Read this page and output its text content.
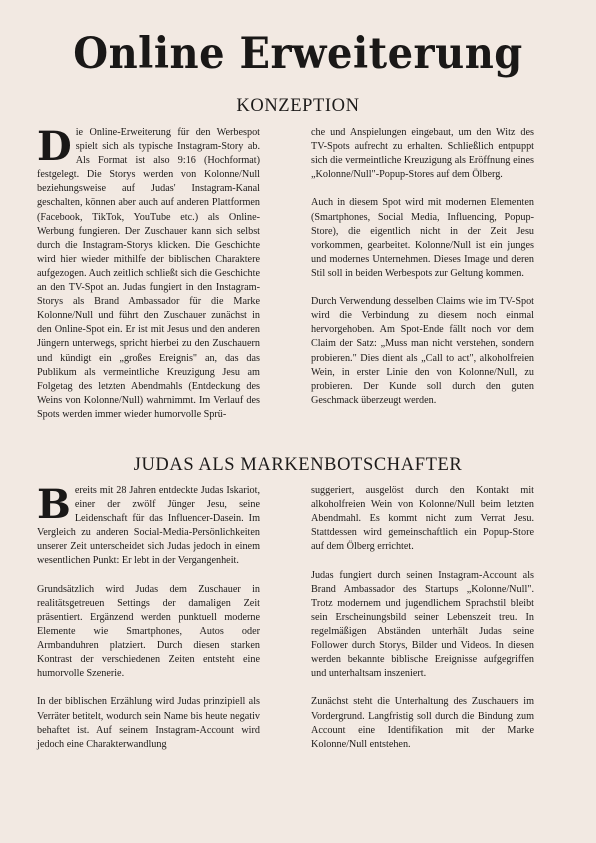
Online Erweiterung
KONZEPTION

Die Online-Erweiterung für den Werbespot spielt sich als typische Instagram-Story ab. Als Format ist also 9:16 (Hochformat) festgelegt. Die Storys werden von Kolonne/Null beziehungsweise auf Judas' Instagram-Kanal geschalten, können aber auch auf anderen Plattformen (Facebook, TikTok, YouTube etc.) als Online-Werbung fungieren. Der Zuschauer kann sich selbst durch die Instagram-Storys klicken. Die Geschichte wird hier wieder mithilfe der biblischen Charaktere aufgezogen. Auch zeitlich schließt sich die Geschichte an den TV-Spot an. Judas fungiert in den Instagram-Storys als Brand Ambassador für die Marke Kolonne/Null und führt den Zuschauer zunächst in den Online-Spot ein. Er ist mit Jesus und den anderen Jüngern unterwegs, spricht hierbei zu den Zuschauern und kündigt ein „großes Ereignis" an, das das Publikum als vermeintliche Kreuzigung Jesu am Folgetag des letzten Abendmahls (Entdeckung des Weins von Kolonne/Null) wahrnimmt. Im Verlauf des Spots werden immer wieder humorvolle Sprü-

che und Anspielungen eingebaut, um den Witz des TV-Spots aufrecht zu erhalten. Schließlich entpuppt sich die vermeintliche Kreuzigung als Eröffnung eines „Kolonne/Null"-Popup-Stores auf dem Ölberg.

Auch in diesem Spot wird mit modernen Elementen (Smartphones, Social Media, Influencing, Popup-Store), die eigentlich nicht in der Zeit Jesu vorkommen, gearbeitet. Kolonne/Null ist ein junges und modernes Unternehmen. Dieses Image und deren Stil soll in beiden Werbespots zur Geltung kommen.

Durch Verwendung desselben Claims wie im TV-Spot wird die Verbindung zu diesem noch einmal hervorgehoben. Am Spot-Ende fällt noch vor dem Claim der Satz: „Muss man nicht verstehen, sondern probieren." Dies dient als „Call to act", alkoholfreien Wein, in erster Linie den von Kolonne/Null, zu probieren. Der Kunde soll durch den guten Geschmack überzeugt werden.

JUDAS ALS MARKENBOTSCHAFTER

Bereits mit 28 Jahren entdeckte Judas Iskariot, einer der zwölf Jünger Jesu, seine Leidenschaft für das Influencer-Dasein. Im Vergleich zu anderen Social-Media-Persönlichkeiten unserer Zeit unterscheidet sich Judas jedoch in einem wesentlichen Punkt: Er lebt in der Vergangenheit.

Grundsätzlich wird Judas dem Zuschauer in realitätsgetreuen Settings der damaligen Zeit präsentiert. Ergänzend werden punktuell moderne Elemente wie Smartphones, Autos oder Armbanduhren platziert. Durch diesen starken Kontrast der verschiedenen Zeiten entsteht eine humorvolle Szenerie.

In der biblischen Erzählung wird Judas prinzipiell als Verräter betitelt, wodurch sein Name bis heute negativ behaftet ist. Auf seinem Instagram-Account wird jedoch eine Charakterwandlung

suggeriert, ausgelöst durch den Kontakt mit alkoholfreien Wein von Kolonne/Null beim letzten Abendmahl. Es kommt nicht zum Verrat Jesu. Stattdessen wird gemeinschaftlich ein Popup-Store auf dem Ölberg errichtet.

Judas fungiert durch seinen Instagram-Account als Brand Ambassador des Startups „Kolonne/Null". Trotz modernem und jugendlichem Sprachstil bleibt sein Erscheinungsbild seiner Lebenszeit treu. In regelmäßigen Abständen unterhält Judas seine Follower durch Storys, Bilder und Videos. In diesen werden bekannte biblische Ereignisse aufgegriffen und unterhaltsam inszeniert.

Zunächst steht die Unterhaltung des Zuschauers im Vordergrund. Langfristig soll durch die Bindung zum Account eine Identifikation mit der Marke Kolonne/Null entstehen.
